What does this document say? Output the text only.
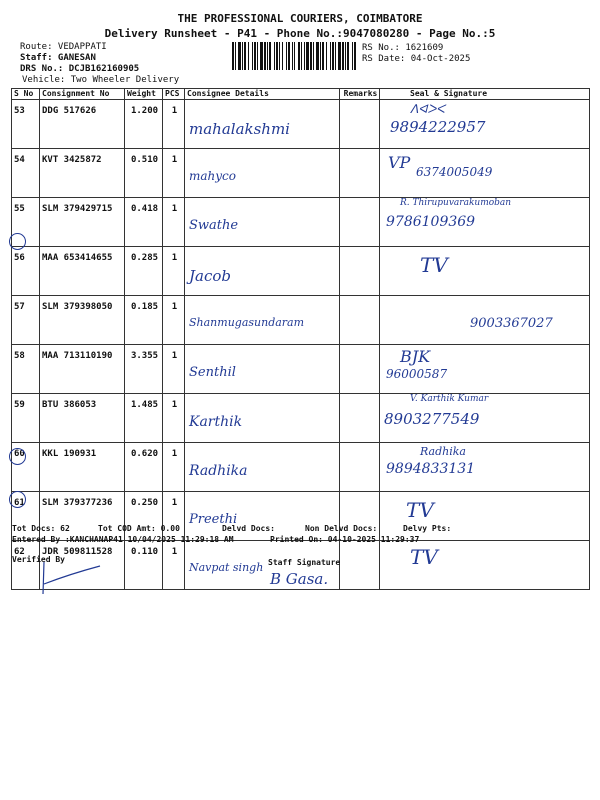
THE PROFESSIONAL COURIERS, COIMBATORE
Delivery Runsheet - P41 - Phone No.:9047080280 - Page No.:5
Route: VEDAPPATI
Staff: GANESAN
DRS No.: DCJB162160905
Vehicle: Two Wheeler Delivery
RS No.: 1621609
RS Date: 04-Oct-2025
S No	Consignment No	Weight	PCS	Consignee Details	Remarks	Seal & Signature
53	DDG 517626	1.200	1	mahalakshmi		ᐱᐊᐳᐸ
9894222957

54	KVT 3425872	0.510	1	mahyco		VP 6374005049

55	SLM 379429715	0.418	1	Swathe		R. Thirupuvarakumoban
9786109369

56	MAA 653414655	0.285	1	Jacob		TV

57	SLM 379398050	0.185	1	Shanmugasundaram		9003367027

58	MAA 713110190	3.355	1	Senthil		BJK
96000587

59	BTU 386053	1.485	1	Karthik		V. Karthik Kumar
8903277549

60	KKL 190931	0.620	1	Radhika		Radhika
9894833131

61	SLM 379377236	0.250	1	Preethi		TV

62	JDR 509811528	0.110	1	Navpat singh		TV
Tot Docs: 62	Tot COD Amt: 0.00	Delvd Docs:	Non Delvd Docs:	Delvy Pts:
Entered By :KANCHANAP41 10/04/2025 11:29:18 AM	Printed On: 04-10-2025 11:29:37
Verified By	Staff Signature
B Gasa.
